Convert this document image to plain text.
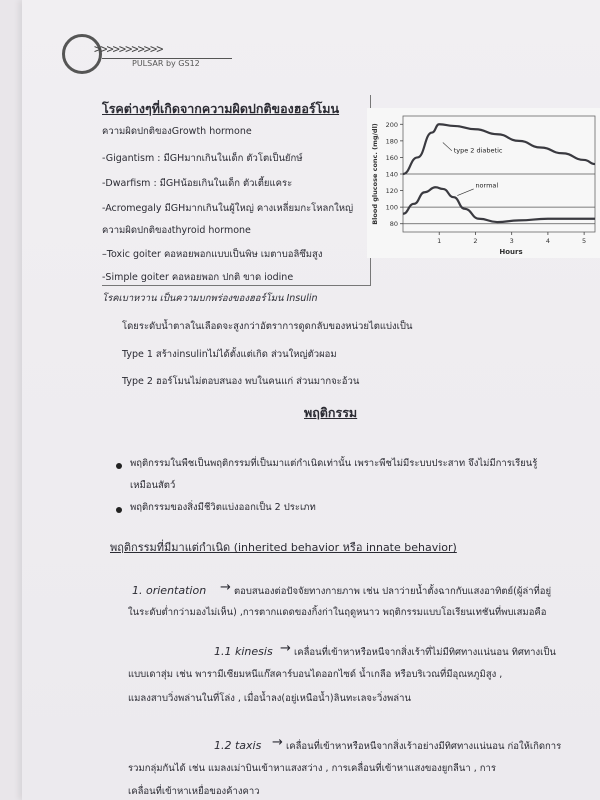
>>>>>>>>>>>
PULSAR by GS12
โรคต่างๆที่เกิดจากความผิดปกติของฮอร์โมน
ความผิดปกติของGrowth hormone
-Gigantism : มีGHมากเกินในเด็ก ตัวโตเป็นยักษ์
-Dwarfism : มีGHน้อยเกินในเด็ก ตัวเตี้ยแคระ
-Acromegaly มีGHมากเกินในผู้ใหญ่ คางเหลี่ยมกะโหลกใหญ่
ความผิดปกติของthyroid hormone
–Toxic goiter คอหอยพอกแบบเป็นพิษ เมตาบอลิซึมสูง
-Simple goiter คอหอยพอก ปกติ ขาด iodine
โรคเบาหวาน เป็นความบกพร่องของฮอร์โมน Insulin
โดยระดับน้ำตาลในเลือดจะสูงกว่าอัตราการดูดกลับของหน่วยไตแบ่งเป็น
Type 1 สร้างinsulinไม่ได้ตั้งแต่เกิด ส่วนใหญ่ตัวผอม
Type 2 ฮอร์โมนไม่ตอบสนอง พบในคนแก่ ส่วนมากจะอ้วน
80
100
120
140
160
180
200
1	2	3	4	5
Hours
Blood glucose conc. (mg/dl)	type 2 diabetic
normal
พฤติกรรม
พฤติกรรมในพืชเป็นพฤติกรรมที่เป็นมาแต่กำเนิดเท่านั้น เพราะพืชไม่มีระบบประสาท จึงไม่มีการเรียนรู้
เหมือนสัตว์
พฤติกรรมของสิ่งมีชีวิตแบ่งออกเป็น 2 ประเภท
พฤติกรรมที่มีมาแต่กำเนิด (inherited behavior หรือ innate behavior)
1. orientation → ตอบสนองต่อปัจจัยทางกายภาพ เช่น ปลาว่ายน้ำตั้งฉากกับแสงอาทิตย์(ผู้ล่าที่อยู่
ในระดับต่ำกว่ามองไม่เห็น) ,การตากแดดของกิ้งก่าในฤดูหนาว พฤติกรรมแบบโอเรียนเทชันที่พบเสมอคือ
1.1 kinesis → เคลื่อนที่เข้าหาหรือหนีจากสิ่งเร้าที่ไม่มีทิศทางแน่นอน ทิศทางเป็น
แบบเดาสุ่ม เช่น พารามีเซียมหนีแก๊สคาร์บอนไดออกไซด์ น้ำเกลือ หรือบริเวณที่มีอุณหภูมิสูง ,
แมลงสาบวิ่งพล่านในที่โล่ง , เมื่อน้ำลง(อยู่เหนือน้ำ)ลินทะเลจะวิ่งพล่าน
1.2 taxis → เคลื่อนที่เข้าหาหรือหนีจากสิ่งเร้าอย่างมีทิศทางแน่นอน ก่อให้เกิดการ
รวมกลุ่มกันได้ เช่น แมลงเม่าบินเข้าหาแสงสว่าง , การเคลื่อนที่เข้าหาแสงของยูกลีนา , การ
เคลื่อนที่เข้าหาเหยื่อของค้างคาว
